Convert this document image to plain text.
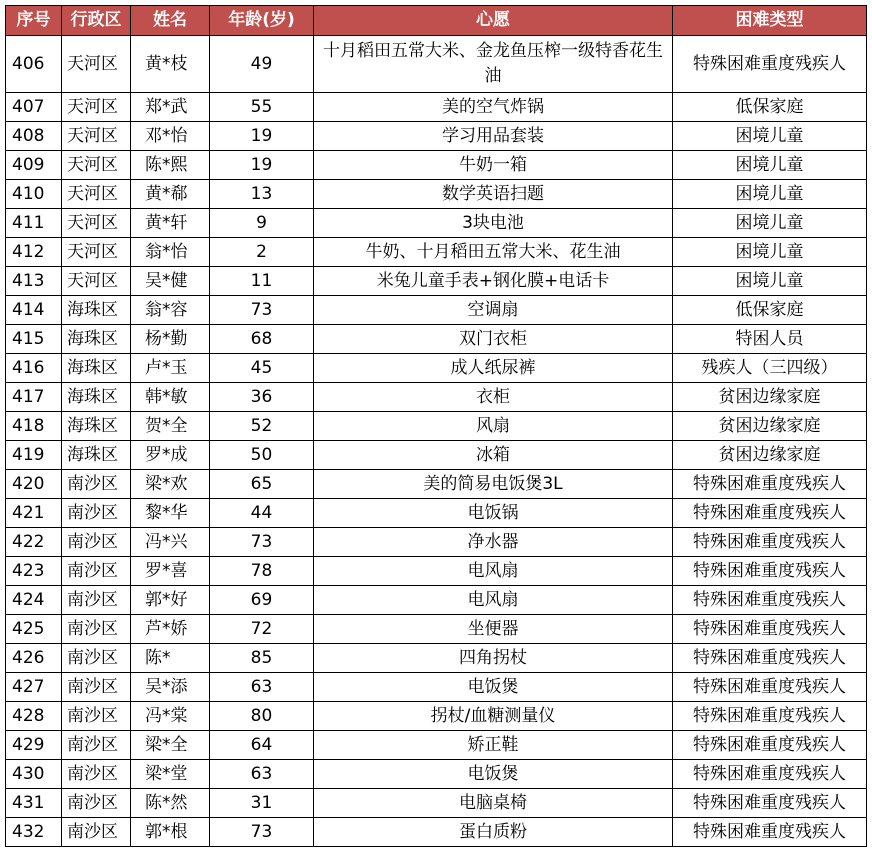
序号	行政区	姓名	年龄(岁)	心愿	困难类型
406	天河区	黄*枝	49	十月稻田五常大米、金龙鱼压榨一级特香花生油	特殊困难重度残疾人
407	天河区	郑*武	55	美的空气炸锅	低保家庭
408	天河区	邓*怡	19	学习用品套装	困境儿童
409	天河区	陈*熙	19	牛奶一箱	困境儿童
410	天河区	黄*郗	13	数学英语扫题	困境儿童
411	天河区	黄*轩	9	3块电池	困境儿童
412	天河区	翁*怡	2	牛奶、十月稻田五常大米、花生油	困境儿童
413	天河区	吴*健	11	米兔儿童手表+钢化膜+电话卡	困境儿童
414	海珠区	翁*容	73	空调扇	低保家庭
415	海珠区	杨*勤	68	双门衣柜	特困人员
416	海珠区	卢*玉	45	成人纸尿裤	残疾人（三四级）
417	海珠区	韩*敏	36	衣柜	贫困边缘家庭
418	海珠区	贺*全	52	风扇	贫困边缘家庭
419	海珠区	罗*成	50	冰箱	贫困边缘家庭
420	南沙区	梁*欢	65	美的简易电饭煲3L	特殊困难重度残疾人
421	南沙区	黎*华	44	电饭锅	特殊困难重度残疾人
422	南沙区	冯*兴	73	净水器	特殊困难重度残疾人
423	南沙区	罗*喜	78	电风扇	特殊困难重度残疾人
424	南沙区	郭*好	69	电风扇	特殊困难重度残疾人
425	南沙区	芦*娇	72	坐便器	特殊困难重度残疾人
426	南沙区	陈*	85	四角拐杖	特殊困难重度残疾人
427	南沙区	吴*添	63	电饭煲	特殊困难重度残疾人
428	南沙区	冯*棠	80	拐杖/血糖测量仪	特殊困难重度残疾人
429	南沙区	梁*全	64	矫正鞋	特殊困难重度残疾人
430	南沙区	梁*堂	63	电饭煲	特殊困难重度残疾人
431	南沙区	陈*然	31	电脑桌椅	特殊困难重度残疾人
432	南沙区	郭*根	73	蛋白质粉	特殊困难重度残疾人
